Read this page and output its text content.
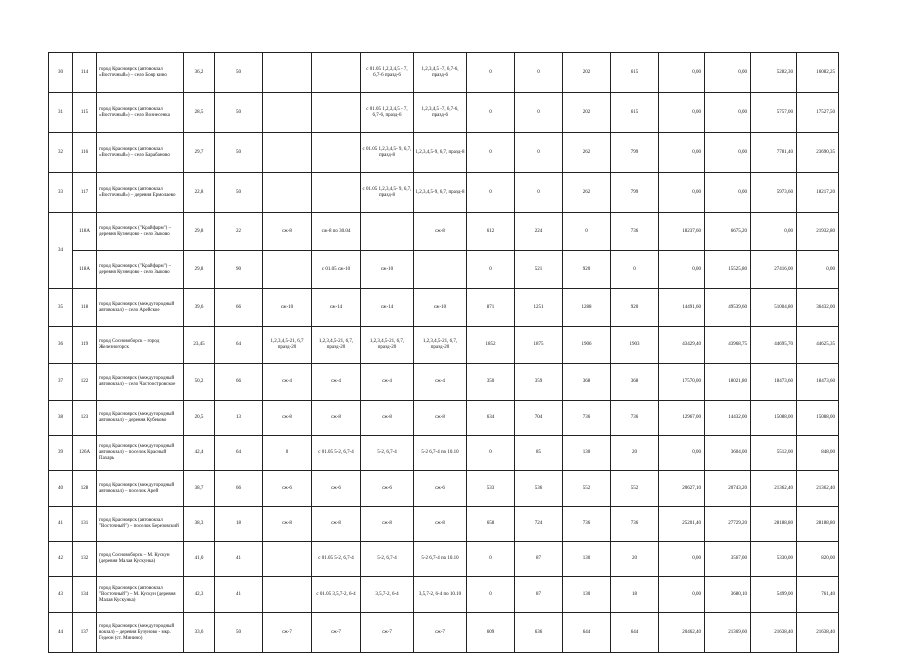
30	114	город Красноярск (автовокзал «Восточный») – село Бояр кино	36,2	50			с 01.05 1,2,3,4,5 - 7, 6,7-6 празд-6	1,2,3,4,5 -7, 6,7-6, празд-6	0	0	202	615	0,00	0,00	5282,30	16082,25
31	115	город Красноярск (автовокзал «Восточный») – село Вознесенка	28,5	50			с 01.05 1,2,3,4,5 - 7, 6,7-6, празд-6	1,2,3,4,5 -7, 6,7-6, празд-6	0	0	202	615	0,00	0,00	5757,00	17527,50
32	116	город Красноярск (автовокзал «Восточный») – село Барабаново	29,7	50			с 01.05 1,2,3,4,5- 9, 6,7, празд-8	1,2,3,4,5-9, 6,7, празд-8	0	0	262	799	0,00	0,00	7781,40	23690,35
33	117	город Красноярск (автовокзал «Восточный») – деревня Ермолаево	22,8	50			с 01.05 1,2,3,4,5- 9, 6,7, празд-8	1,2,3,4,5-9, 6,7, празд-8	0	0	262	799	0,00	0,00	5973,60	18217,20
34	118А	город Красноярск ("Крайфарм") – деревня Кузнецово - село Зыково	29,8	22	сж-8	сж-8 по 30.04		сж-8	612	224	0	736	18237,60	6675,20	0,00	21932,80
	118А	город Красноярск ("Крайфарм") – деревня Кузнецово - село Зыково	29,8	90		с 01.05 сж-10	сж-10		0	521	920	0	0,00	15525,80	27416,00	0,00
35	118	город Красноярск (междугородный автовокзал) – село Арейское	39,6	66	сж-10	сж-14	сж-14	сж-10	871	1251	1288	920	14491,60	49539,60	51004,80	36432,00
36	119	город Сосновоборск – город Железногорск	23,45	64	1,2,3,4,5-21, 6,7 празд-20	1,2,3,4,5-21, 6,7, празд-20	1,2,3,4,5-21, 6,7, празд-20	1,2,3,4,5-21, 6,7, празд-20	1852	1875	1906	1903	43429,40	43968,75	44695,70	44625,35
37	122	город Красноярск (междугородный автовокзал) – село Частоостровское	50,2	66	сж-4	сж-4	сж-4	сж-4	350	359	368	368	17570,00	18021,80	18473,60	18473,60
38	123	город Красноярск (междугородный автовокзал) – деревня Кубеково	20,5	13	сж-8	сж-8	сж-8	сж-8	634	704	736	736	12967,00	14432,00	15088,00	15088,00
39	126А	город Красноярск (междугородный автовокзал) – поселок Красный Пахарь	42,4	64	0	с 01.05 5-2, 6,7-4	5-2, 6,7-4	5-2 6,7-4 по 10.10	0	85	130	20	0,00	3604,00	5512,00	848,00
40	128	город Красноярск (междугородный автовокзал) – поселок Арей	38,7	66	сж-6	сж-6	сж-6	сж-6	533	536	552	552	20627,10	20743,20	21362,40	21362,40
41	131	город Красноярск (автовокзал "Восточный") – поселок Березовский	38,3	18	сж-8	сж-8	сж-8	сж-8	658	724	736	736	25201,40	27729,20	28188,80	28188,80
42	132	город Сосновоборск – М. Кускун (деревня Малая Кускунка)	41,0	41		с 01.05 5-2, 6,7-4	5-2, 6,7-4	5-2 6,7-4 по 10.10	0	87	130	20	0,00	3567,00	5330,00	820,00
43	134	город Красноярск (автовокзал "Восточный") – М. Кускун (деревня Малая Кускунка)	42,3	41		с 01.05 3,5,7-2, 6-4	3,5,7-2, 6-4	3,5,7-2, 6-4 по 10.10	0	87	130	18	0,00	3680,10	5499,00	761,40
44	137	город Красноярск (междугородный вокзал) – деревня Бузуново - мкр. Гедеон (ст. Минино)	33,6	50	сж-7	сж-7	сж-7	сж-7	609	636	644	644	20462,40	21369,60	21638,40	21638,40
